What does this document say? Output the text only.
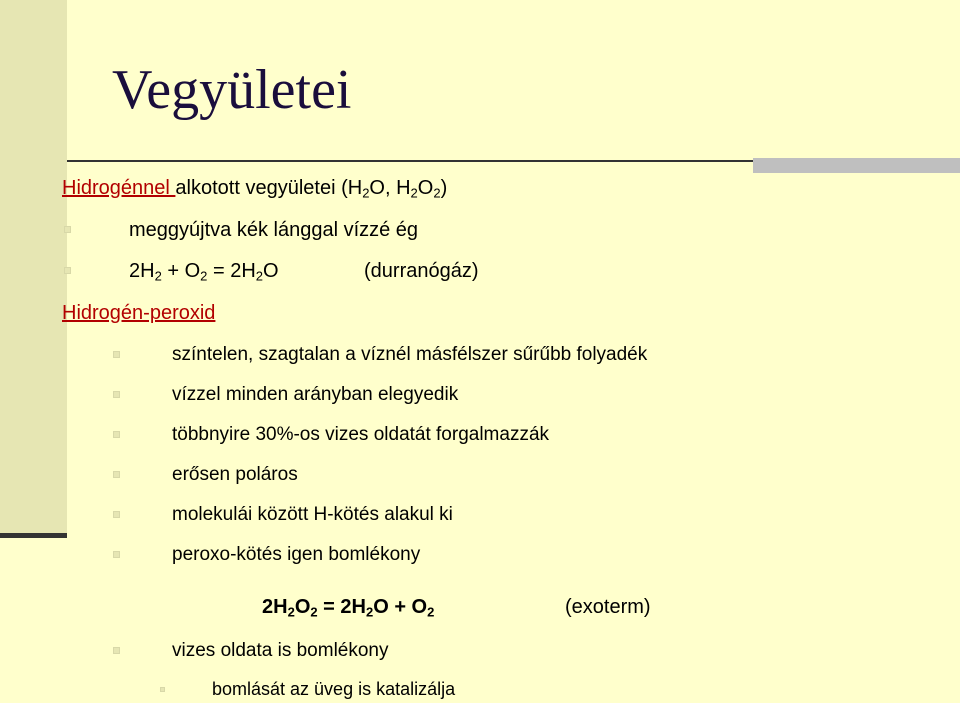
Vegyületei
Hidrogénnel alkotott vegyületei ($H_2O$, $H_2O_2$)
meggyújtva kék lánggal vízzé ég
$2H_2 + O_2 = 2H_2O$	(durranógáz)
Hidrogén-peroxid
színtelen, szagtalan a víznél másfélszer sűrűbb folyadék
vízzel minden arányban elegyedik
többnyire 30%-os vizes oldatát forgalmazzák
erősen poláros
molekulái között H-kötés alakul ki
peroxo-kötés igen bomlékony
$2H_2O_2 = 2H_2O + O_2$	(exoterm)
vizes oldata is bomlékony
bomlását az üveg is katalizálja
